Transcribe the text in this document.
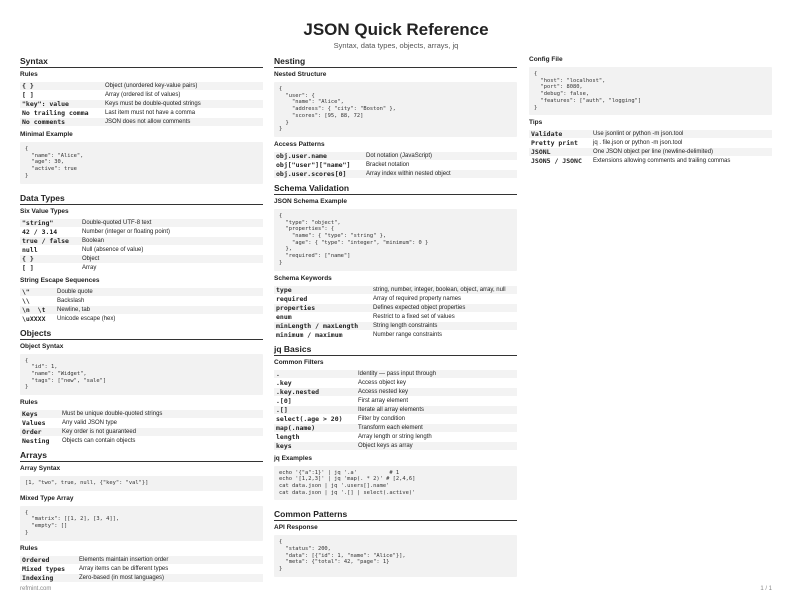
JSON Quick Reference
Syntax, data types, objects, arrays, jq
Syntax
Rules
{ }	Object (unordered key-value pairs)
[ ]	Array (ordered list of values)
"key": value	Keys must be double-quoted strings
No trailing comma	Last item must not have a comma
No comments	JSON does not allow comments
Minimal Example
{
"name": "Alice",
"age": 30,
"active": true
}
Data Types
Six Value Types
"string"	Double-quoted UTF-8 text
42 / 3.14	Number (integer or floating point)
true / false	Boolean
null	Null (absence of value)
{ }	Object
[ ]	Array
String Escape Sequences
\"	Double quote
\\	Backslash
\n  \t	Newline, tab
\uXXXX	Unicode escape (hex)
Objects
Object Syntax
{
"id": 1,
"name": "Widget",
"tags": ["new", "sale"]
}
Rules
Keys	Must be unique double-quoted strings
Values	Any valid JSON type
Order	Key order is not guaranteed
Nesting	Objects can contain objects
Arrays
Array Syntax
[1, "two", true, null, {"key": "val"}]
Mixed Type Array
{
"matrix": [[1, 2], [3, 4]],
"empty": []
}
Rules
Ordered	Elements maintain insertion order
Mixed types	Array items can be different types
Indexing	Zero-based (in most languages)
Nesting
Nested Structure
{
"user": {
"name": "Alice",
"address": { "city": "Boston" },
"scores": [95, 88, 72]
}
}
Access Patterns
obj.user.name	Dot notation (JavaScript)
obj["user"]["name"]	Bracket notation
obj.user.scores[0]	Array index within nested object
Schema Validation
JSON Schema Example
{
"type": "object",
"properties": {
"name": { "type": "string" },
"age": { "type": "integer", "minimum": 0 }
},
"required": ["name"]
}
Schema Keywords
type	string, number, integer, boolean, object, array, null
required	Array of required property names
properties	Defines expected object properties
enum	Restrict to a fixed set of values
minLength / maxLength	String length constraints
minimum / maximum	Number range constraints
jq Basics
Common Filters
.	Identity — pass input through
.key	Access object key
.key.nested	Access nested key
.[0]	First array element
.[]	Iterate all array elements
select(.age > 20)	Filter by condition
map(.name)	Transform each element
length	Array length or string length
keys	Object keys as array
jq Examples
echo '{"a":1}' | jq '.a'          # 1
echo '[1,2,3]' | jq 'map(. * 2)' # [2,4,6]
cat data.json | jq '.users[].name'
cat data.json | jq '.[] | select(.active)'
Common Patterns
API Response
{
"status": 200,
"data": [{"id": 1, "name": "Alice"}],
"meta": {"total": 42, "page": 1}
}
Config File
{
"host": "localhost",
"port": 8080,
"debug": false,
"features": ["auth", "logging"]
}
Tips
Validate	Use jsonlint or python -m json.tool
Pretty print	jq . file.json or python -m json.tool
JSONL	One JSON object per line (newline-delimited)
JSON5 / JSONC	Extensions allowing comments and trailing commas
refmint.com	1 / 1
